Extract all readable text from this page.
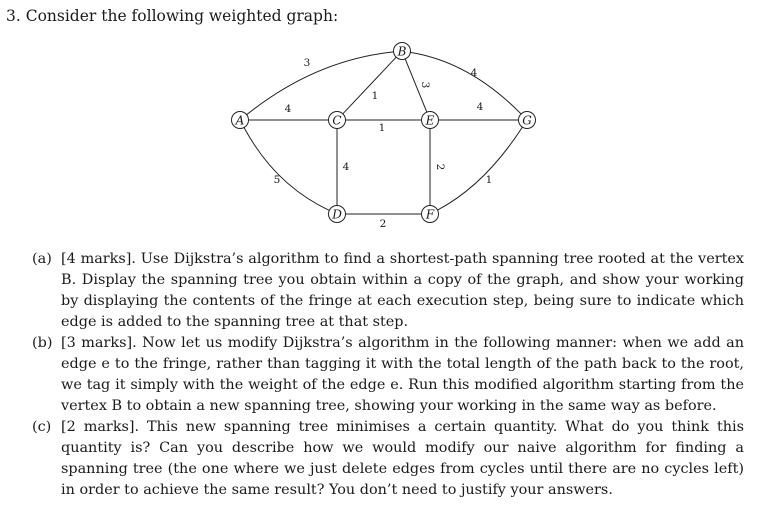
3. Consider the following weighted graph:
3
4
5
1
3
4
1
4
4
2
2
1
A
B
C
D
E
F
G
(a) [4 marks]. Use Dijkstra’s algorithm to find a shortest-path spanning tree rooted at the vertex B. Display the spanning tree you obtain within a copy of the graph, and show your working by displaying the contents of the fringe at each execution step, being sure to indicate which edge is added to the spanning tree at that step.
(b) [3 marks]. Now let us modify Dijkstra’s algorithm in the following manner: when we add an edge e to the fringe, rather than tagging it with the total length of the path back to the root, we tag it simply with the weight of the edge e. Run this modified algorithm starting from the vertex B to obtain a new spanning tree, showing your working in the same way as before.
(c) [2 marks]. This new spanning tree minimises a certain quantity. What do you think this quantity is? Can you describe how we would modify our naive algorithm for finding a spanning tree (the one where we just delete edges from cycles until there are no cycles left) in order to achieve the same result? You don’t need to justify your answers.
